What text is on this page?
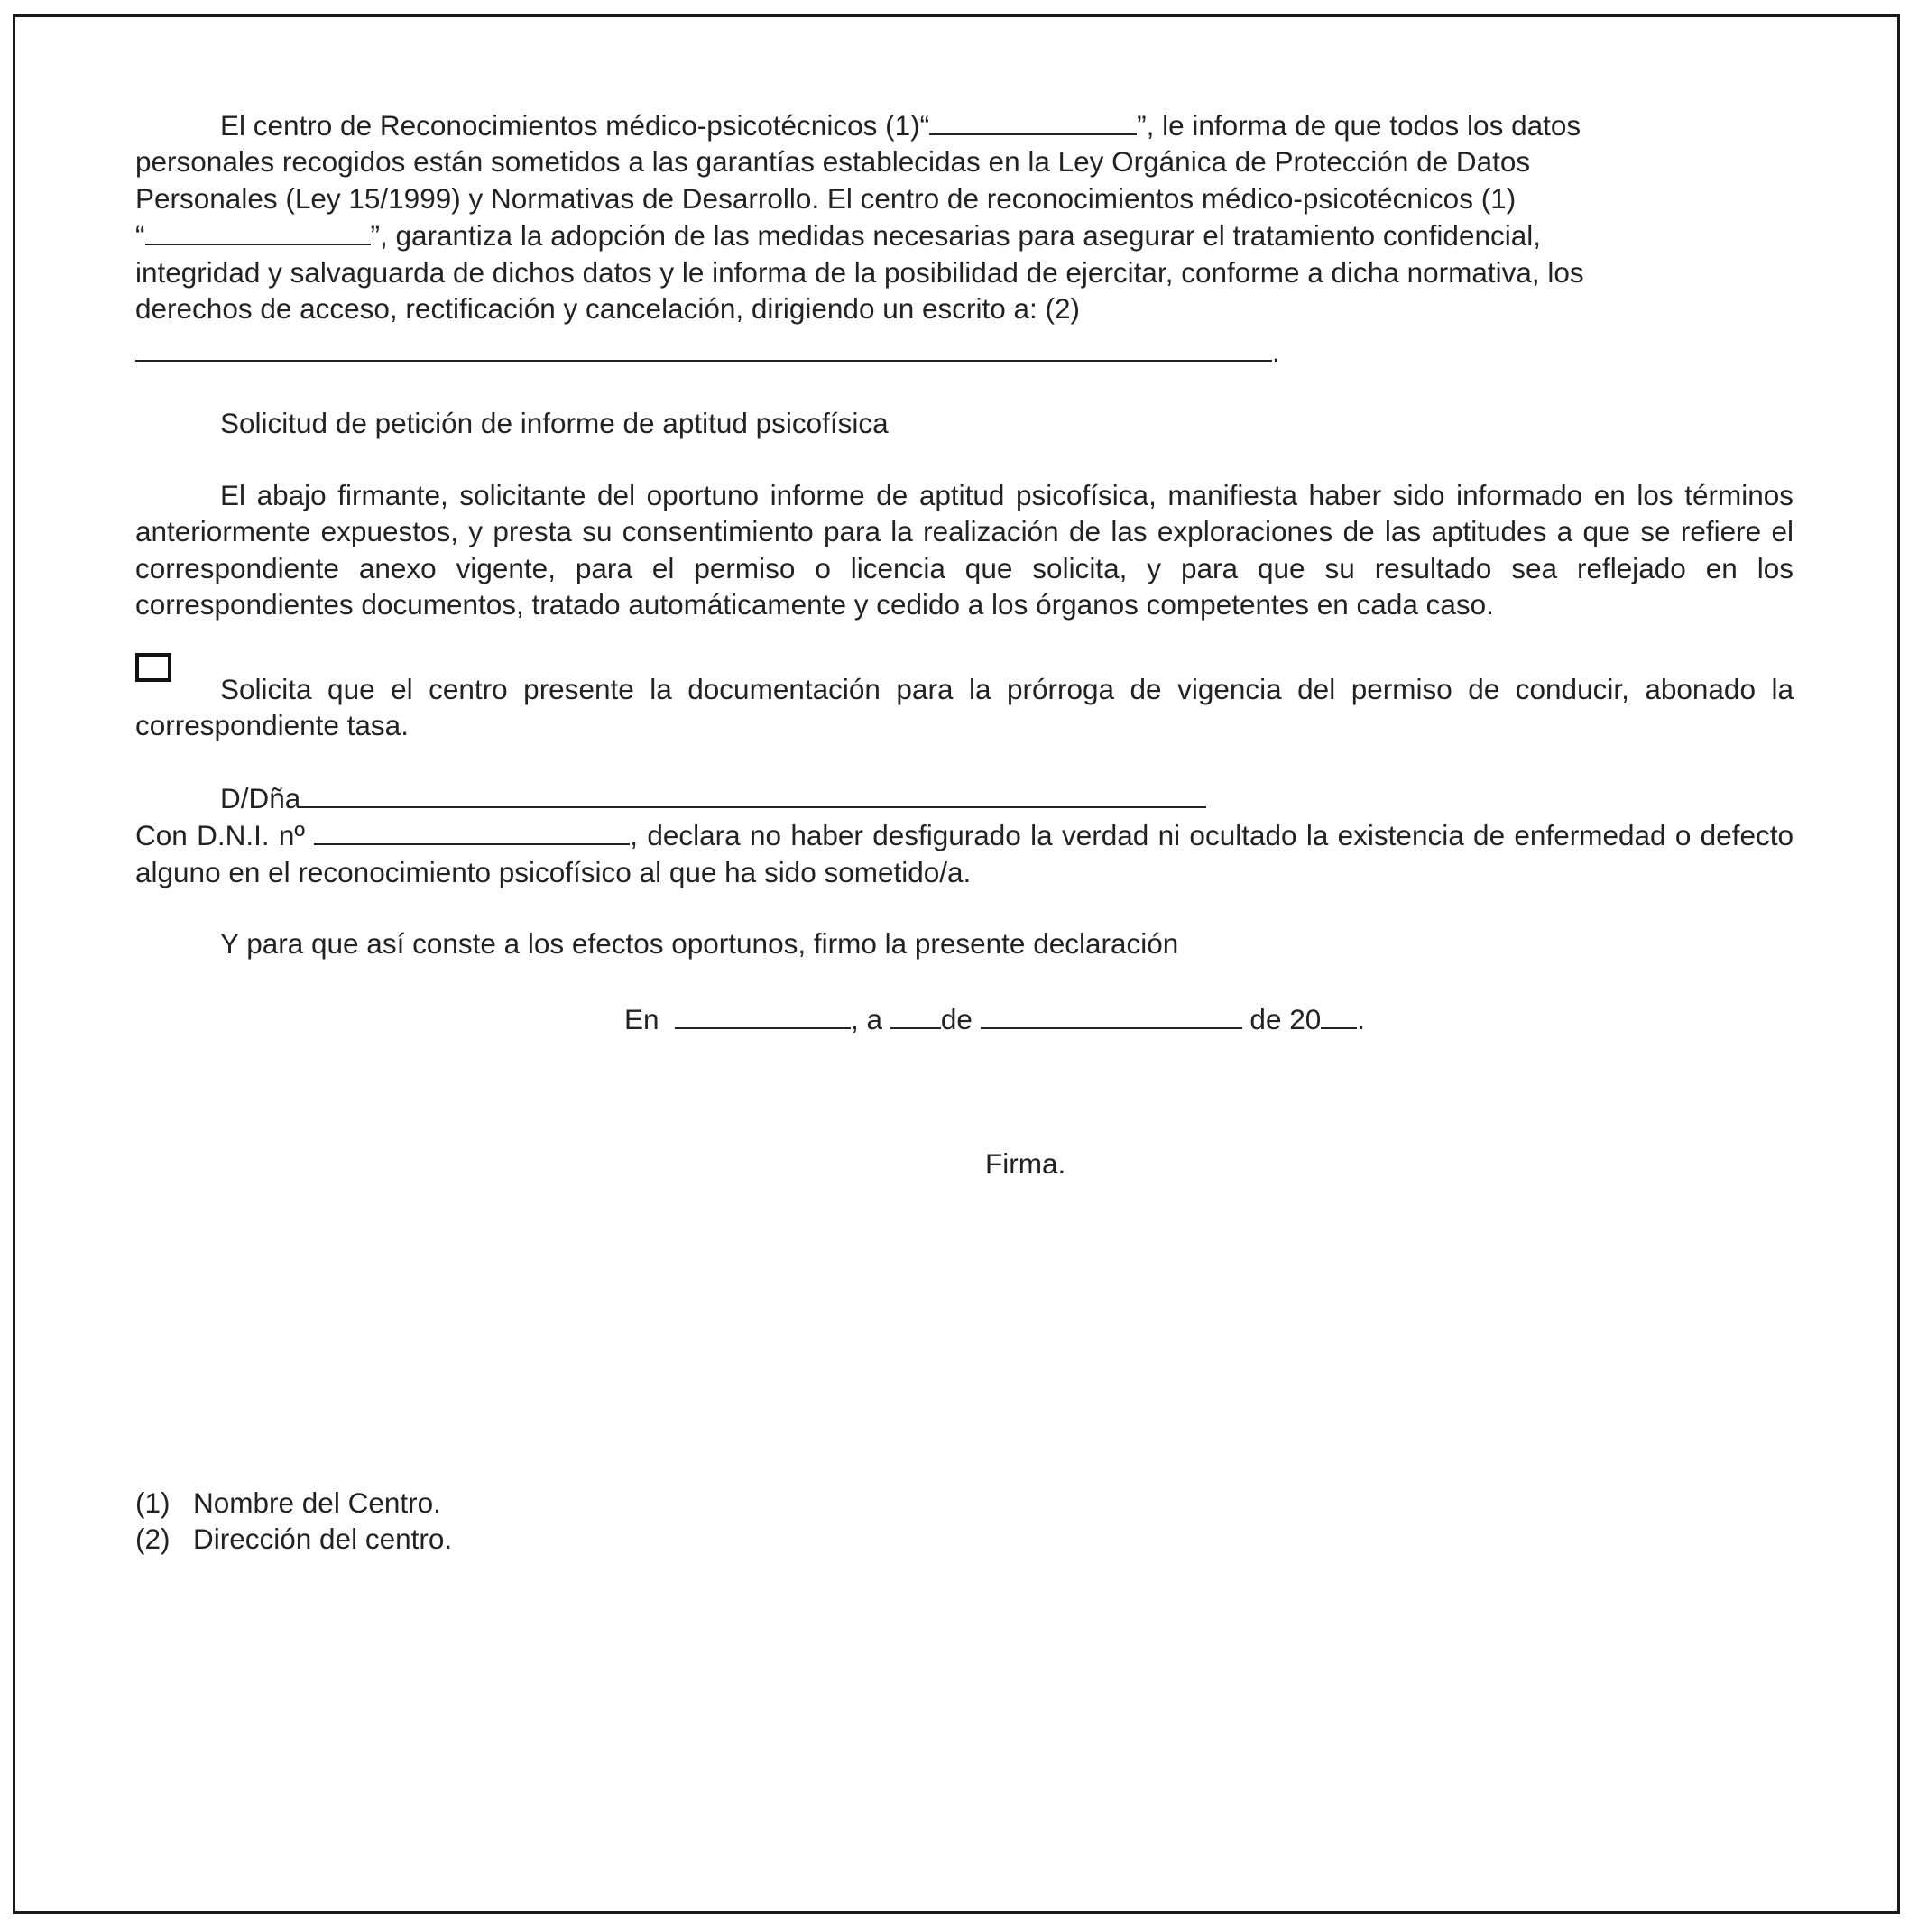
El centro de Reconocimientos médico-psicotécnicos (1)“	”, le informa de que todos los datos
personales recogidos están sometidos a las garantías establecidas en la Ley Orgánica de Protección de Datos
Personales (Ley 15/1999) y Normativas de Desarrollo. El centro de reconocimientos médico-psicotécnicos (1)
“	”, garantiza la adopción de las medidas necesarias para asegurar el tratamiento confidencial,
integridad y salvaguarda de dichos datos y le informa de la posibilidad de ejercitar, conforme a dicha normativa, los
derechos de acceso, rectificación y cancelación, dirigiendo un escrito a: (2)
.
Solicitud de petición de informe de aptitud psicofísica
El abajo firmante, solicitante del oportuno informe de aptitud psicofísica, manifiesta haber sido informado en los términos anteriormente expuestos, y presta su consentimiento para la realización de las exploraciones de las aptitudes a que se refiere el correspondiente anexo vigente, para el permiso o licencia que solicita, y para que su resultado sea reflejado en los correspondientes documentos, tratado automáticamente y cedido a los órganos competentes en cada caso.
Solicita que el centro presente la documentación para la prórroga de vigencia del permiso de conducir, abonado la correspondiente tasa.
D/Dña
Con D.N.I. nº	, declara no haber desfigurado la verdad ni ocultado la existencia de enfermedad o defecto alguno en el reconocimiento psicofísico al que ha sido sometido/a.
Y para que así conste a los efectos oportunos, firmo la presente declaración
En	, a de	de 20 .
Firma.
(1) Nombre del Centro.
(2) Dirección del centro.
